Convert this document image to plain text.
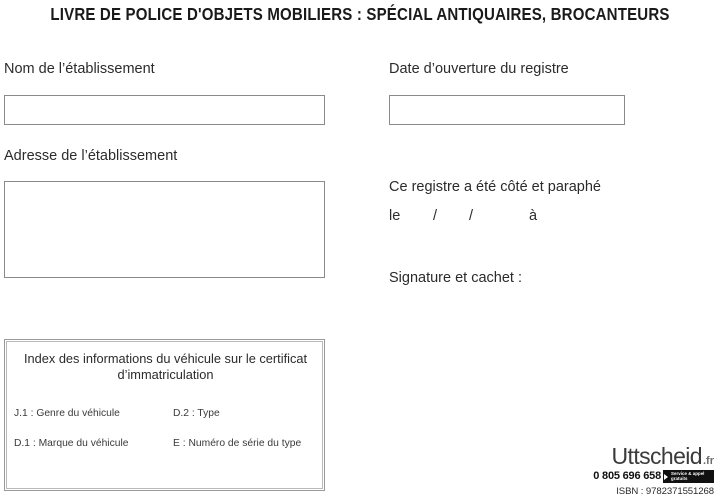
LIVRE DE POLICE D'OBJETS MOBILIERS : SPÉCIAL ANTIQUAIRES, BROCANTEURS
Nom de l’établissement	Date d’ouverture du registre
Adresse de l’établissement
Ce registre a été côté et paraphé
le	/	/	à
Signature et cachet :
Index des informations du véhicule sur le certificat d’immatriculation
J.1 : Genre du véhicule	D.2 : Type
D.1 : Marque du véhicule	E : Numéro de série du type	Uttscheid .fr
0 805 696 658 Service & appel
gratuits
ISBN : 9782371551268
